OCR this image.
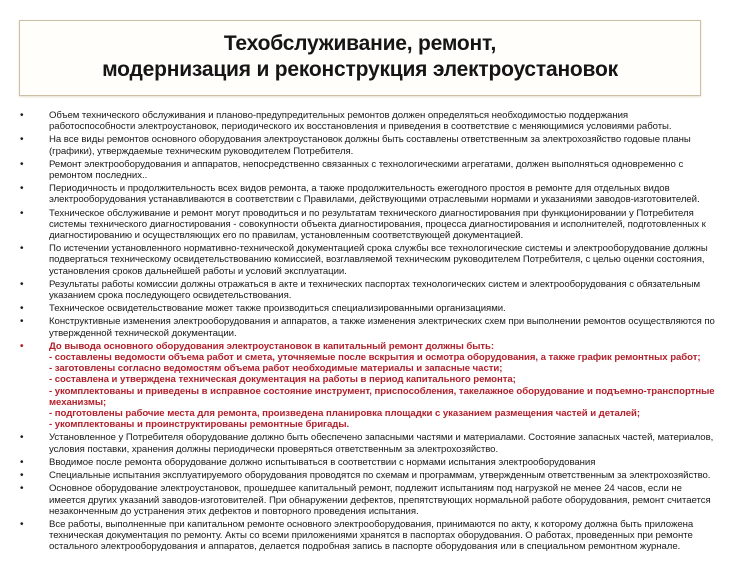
Техобслуживание, ремонт,
модернизация и реконструкция электроустановок
•	Объем технического обслуживания и планово-предупредительных ремонтов должен определяться необходимостью поддержания
работоспособности электроустановок, периодического их восстановления и приведения в соответствие с меняющимися условиями работы.
•	На все виды ремонтов основного оборудования электроустановок должны быть составлены ответственным за электрохозяйство годовые планы
(графики), утверждаемые техническим руководителем Потребителя.
•	Ремонт электрооборудования и аппаратов, непосредственно связанных с технологическими агрегатами, должен выполняться одновременно с
ремонтом последних..
•	Периодичность и продолжительность всех видов ремонта, а также продолжительность ежегодного простоя в ремонте для отдельных видов
электрооборудования устанавливаются в соответствии с Правилами, действующими отраслевыми нормами и указаниями заводов-изготовителей.
•	Техническое обслуживание и ремонт могут проводиться и по результатам технического диагностирования при функционировании у Потребителя
системы технического диагностирования - совокупности объекта диагностирования, процесса диагностирования и исполнителей, подготовленных к
диагностированию и осуществляющих его по правилам, установленным соответствующей документацией.
•	По истечении установленного нормативно-технической документацией срока службы все технологические системы и электрооборудование должны
подвергаться техническому освидетельствованию комиссией, возглавляемой техническим руководителем Потребителя, с целью оценки состояния,
установления сроков дальнейшей работы и условий эксплуатации.
•	Результаты работы комиссии должны отражаться в акте и технических паспортах технологических систем и электрооборудования с обязательным
указанием срока последующего освидетельствования.
•	Техническое освидетельствование может также производиться специализированными организациями.
•	Конструктивные изменения электрооборудования и аппаратов, а также изменения электрических схем при выполнении ремонтов осуществляются по
утвержденной технической документации.
•	До вывода основного оборудования электроустановок в капитальный ремонт должны быть:
- составлены ведомости объема работ и смета, уточняемые после вскрытия и осмотра оборудования, а также график ремонтных работ;
- заготовлены согласно ведомостям объема работ необходимые материалы и запасные части;
- составлена и утверждена техническая документация на работы в период капитального ремонта;
- укомплектованы и приведены в исправное состояние инструмент, приспособления, такелажное оборудование и подъемно-транспортные
механизмы;
- подготовлены рабочие места для ремонта, произведена планировка площадки с указанием размещения частей и деталей;
- укомплектованы и проинструктированы ремонтные бригады.
•	Установленное у Потребителя оборудование должно быть обеспечено запасными частями и материалами. Состояние запасных частей, материалов,
условия поставки, хранения должны периодически проверяться ответственным за электрохозяйство.
•	Вводимое после ремонта оборудование должно испытываться в соответствии с нормами испытания электрооборудования
•	Специальные испытания эксплуатируемого оборудования проводятся по схемам и программам, утвержденным ответственным за электрохозяйство.
•	Основное оборудование электроустановок, прошедшее капитальный ремонт, подлежит испытаниям под нагрузкой не менее 24 часов, если не
имеется других указаний заводов-изготовителей. При обнаружении дефектов, препятствующих нормальной работе оборудования, ремонт считается
незаконченным до устранения этих дефектов и повторного проведения испытания.
•	Все работы, выполненные при капитальном ремонте основного электрооборудования, принимаются по акту, к которому должна быть приложена
техническая документация по ремонту. Акты со всеми приложениями хранятся в паспортах оборудования. О работах, проведенных при ремонте
остального электрооборудования и аппаратов, делается подробная запись в паспорте оборудования или в специальном ремонтном журнале.
